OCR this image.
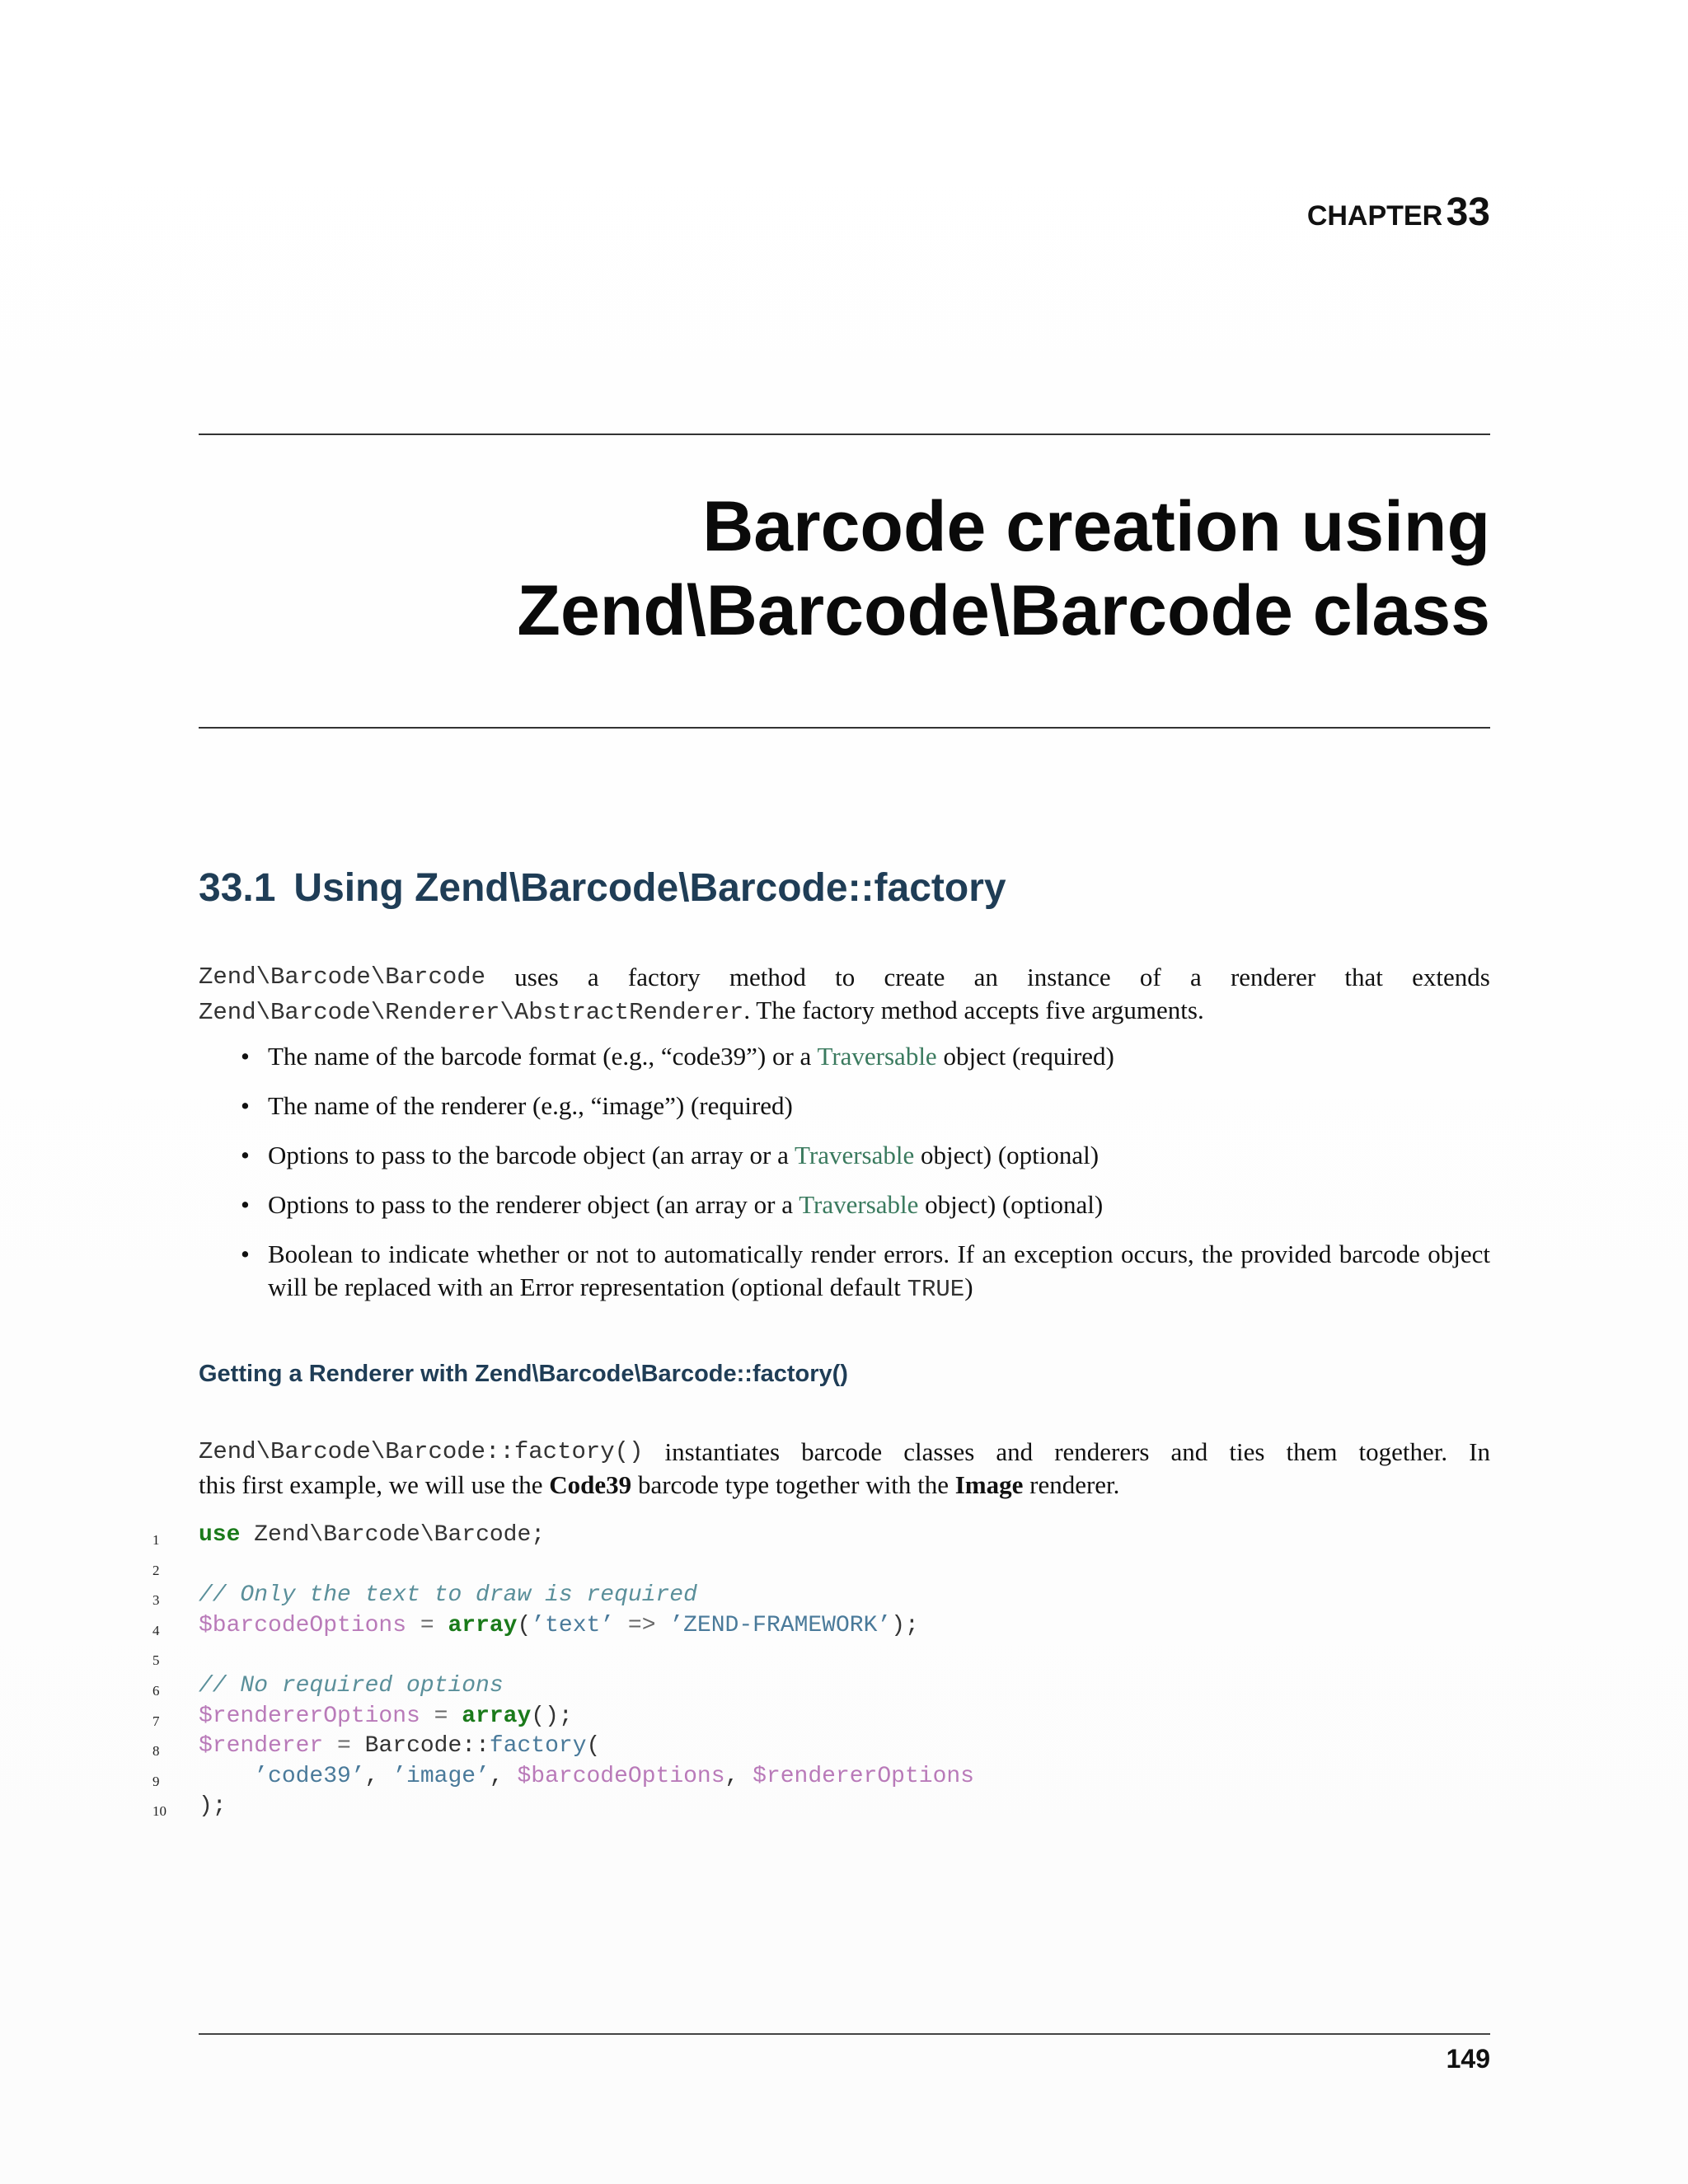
CHAPTER 33
Barcode creation using
Zend\Barcode\Barcode class
33.1 Using Zend\Barcode\Barcode::factory
Zend\Barcode\Barcode uses a factory method to create an instance of a renderer that extends
Zend\Barcode\Renderer\AbstractRenderer. The factory method accepts five arguments.
• The name of the barcode format (e.g., “code39”) or a Traversable object (required)
• The name of the renderer (e.g., “image”) (required)
• Options to pass to the barcode object (an array or a Traversable object) (optional)
• Options to pass to the renderer object (an array or a Traversable object) (optional)
• Boolean to indicate whether or not to automatically render errors. If an exception occurs, the provided barcode object will be replaced with an Error representation (optional default TRUE)
Getting a Renderer with Zend\Barcode\Barcode::factory()
Zend\Barcode\Barcode::factory() instantiates barcode classes and renderers and ties them together. In
this first example, we will use the Code39 barcode type together with the Image renderer.
1	use Zend\Barcode\Barcode;
2
3	// Only the text to draw is required
4	$barcodeOptions = array(’text’ => ’ZEND-FRAMEWORK’);
5
6	// No required options
7	$rendererOptions = array();
8	$renderer = Barcode::factory(
9	’code39’, ’image’, $barcodeOptions, $rendererOptions
10	);
149
